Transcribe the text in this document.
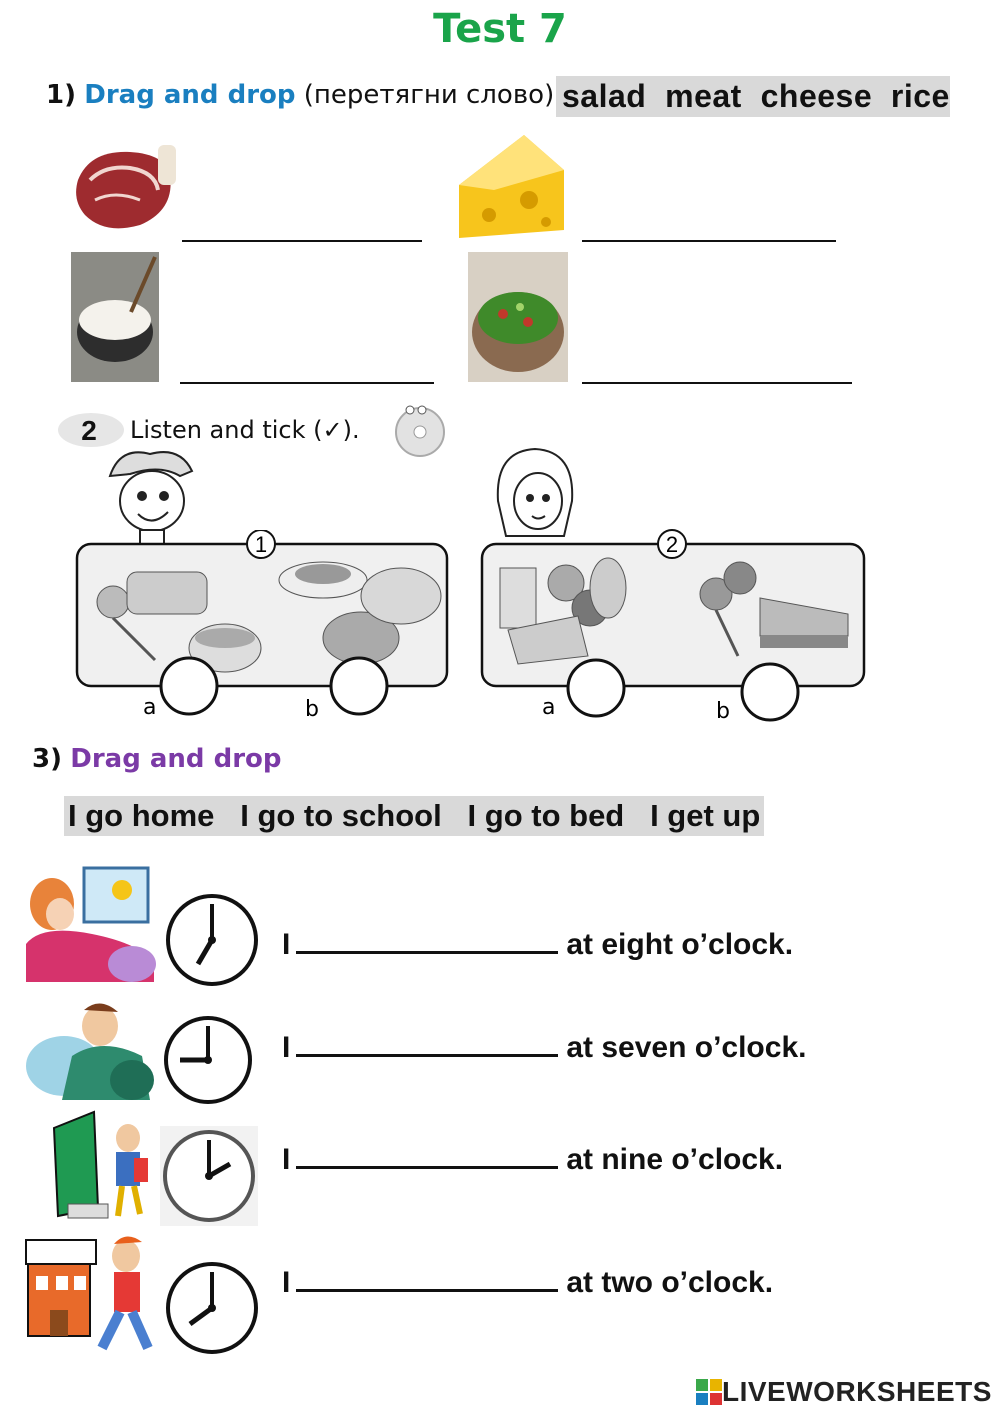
Test 7
1) Drag and drop (перетягни слово) salad  meat  cheese  rice
2 Listen and tick (✓).
1
a	b
2
a	b
3) Drag and drop
I go home   I go to school   I go to bed   I get up
I	at eight o’clock.
I	at seven o’clock.
I	at nine o’clock.
I	at two o’clock.
LIVEWORKSHEETS
